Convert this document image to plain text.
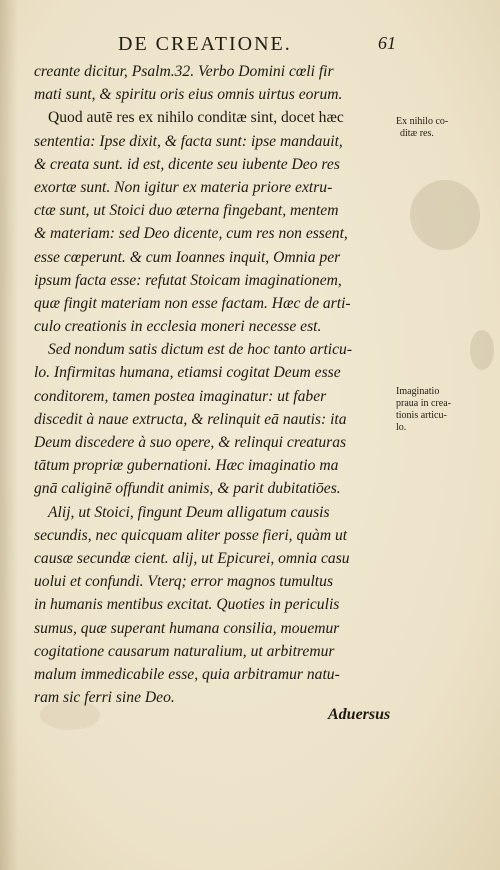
DE CREATIONE.	61
creante dicitur, Psalm.32. Verbo Domini cœli fir
mati sunt, & spiritu oris eius omnis uirtus eorum.
Quod autē res ex nihilo conditæ sint, docet hæc
sententia: Ipse dixit, & facta sunt: ipse mandauit,
& creata sunt. id est, dicente seu iubente Deo res
exortæ sunt. Non igitur ex materia priore extru-
ctæ sunt, ut Stoici duo æterna fingebant, mentem
& materiam: sed Deo dicente, cum res non essent,
esse cœperunt. & cum Ioannes inquit, Omnia per
ipsum facta esse: refutat Stoicam imaginationem,
quæ fingit materiam non esse factam. Hæc de arti-
culo creationis in ecclesia moneri necesse est.
Sed nondum satis dictum est de hoc tanto articu-
lo. Infirmitas humana, etiamsi cogitat Deum esse
conditorem, tamen postea imaginatur: ut faber
discedit à naue extructa, & relinquit eā nautis: ita
Deum discedere à suo opere, & relinqui creaturas
tātum propriæ gubernationi. Hæc imaginatio ma
gnā caliginē offundit animis, & parit dubitatiōes.
Alij, ut Stoici, fingunt Deum alligatum causis
secundis, nec quicquam aliter posse fieri, quàm ut
causæ secundæ cient. alij, ut Epicurei, omnia casu
uolui et confundi. Vterq; error magnos tumultus
in humanis mentibus excitat. Quoties in periculis
sumus, quæ superant humana consilia, mouemur
cogitatione causarum naturalium, ut arbitremur
malum immedicabile esse, quia arbitramur natu-
ram sic ferri sine Deo.
Ex nihilo co-
ditæ res.
Imaginatio
praua in crea-
tionis articu-
lo.
Aduersus
